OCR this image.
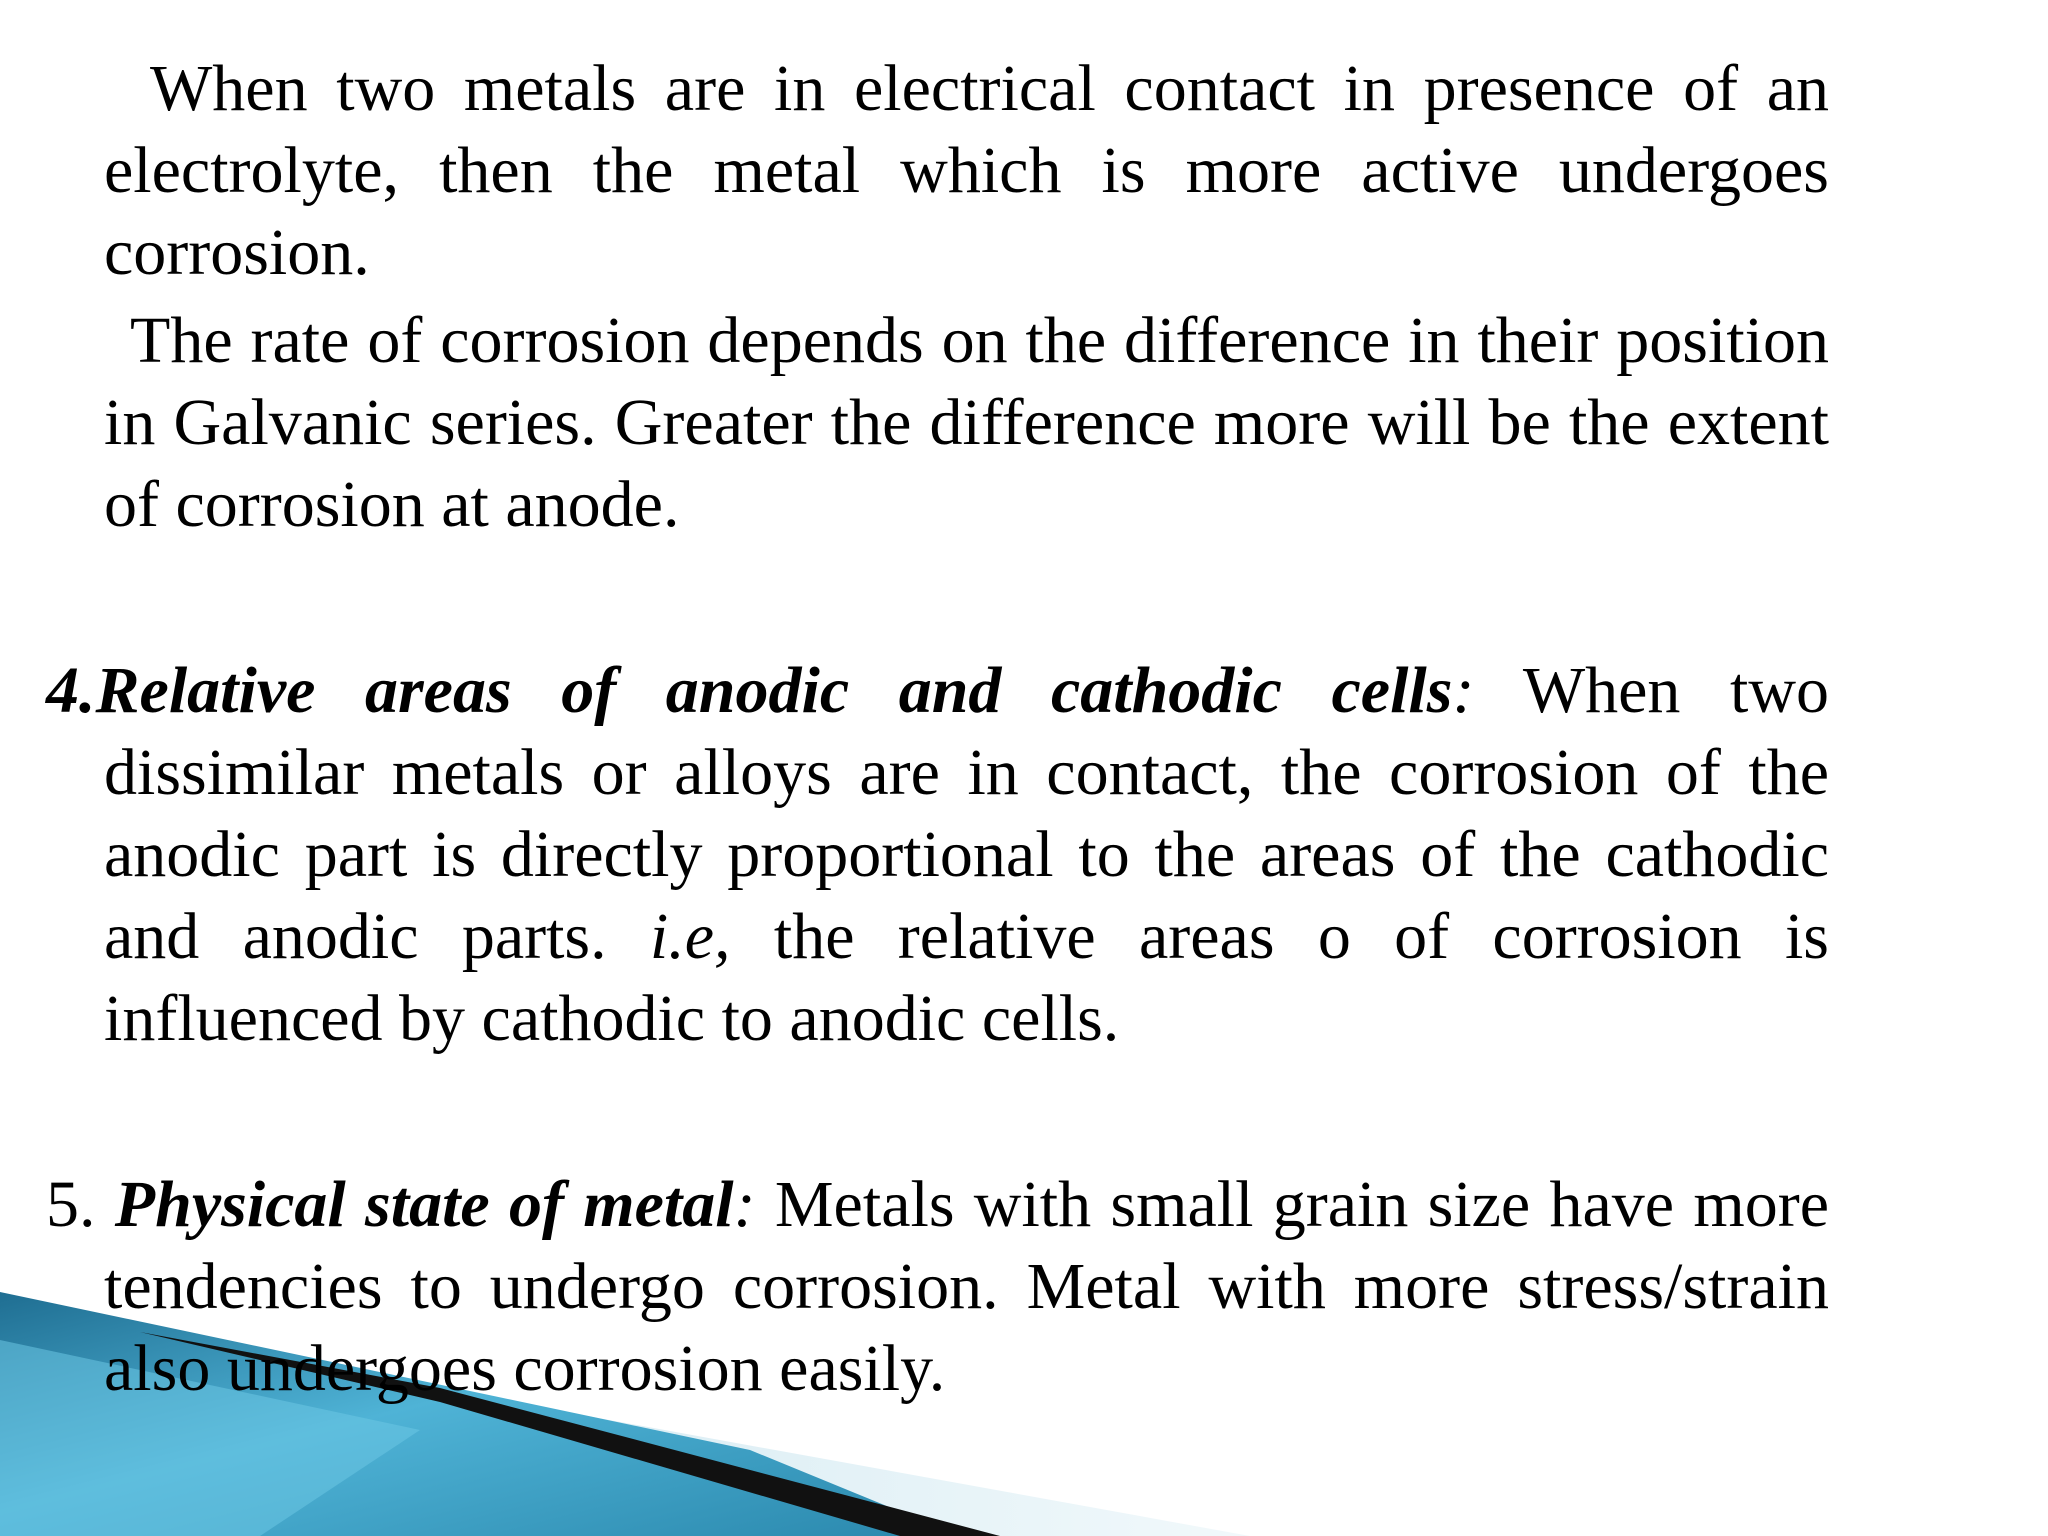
When two metals are in electrical contact in presence of an electrolyte, then the metal which is more active undergoes corrosion.

The rate of corrosion depends on the difference in their position in Galvanic series. Greater the difference more will be the extent of corrosion at anode.

4.Relative areas of anodic and cathodic cells: When two dissimilar metals or alloys are in contact, the corrosion of the anodic part is directly proportional to the areas of the cathodic and anodic parts. i.e, the relative areas o of corrosion is influenced by cathodic to anodic cells.

5. Physical state of metal: Metals with small grain size have more tendencies to undergo corrosion. Metal with more stress/strain also undergoes corrosion easily.
